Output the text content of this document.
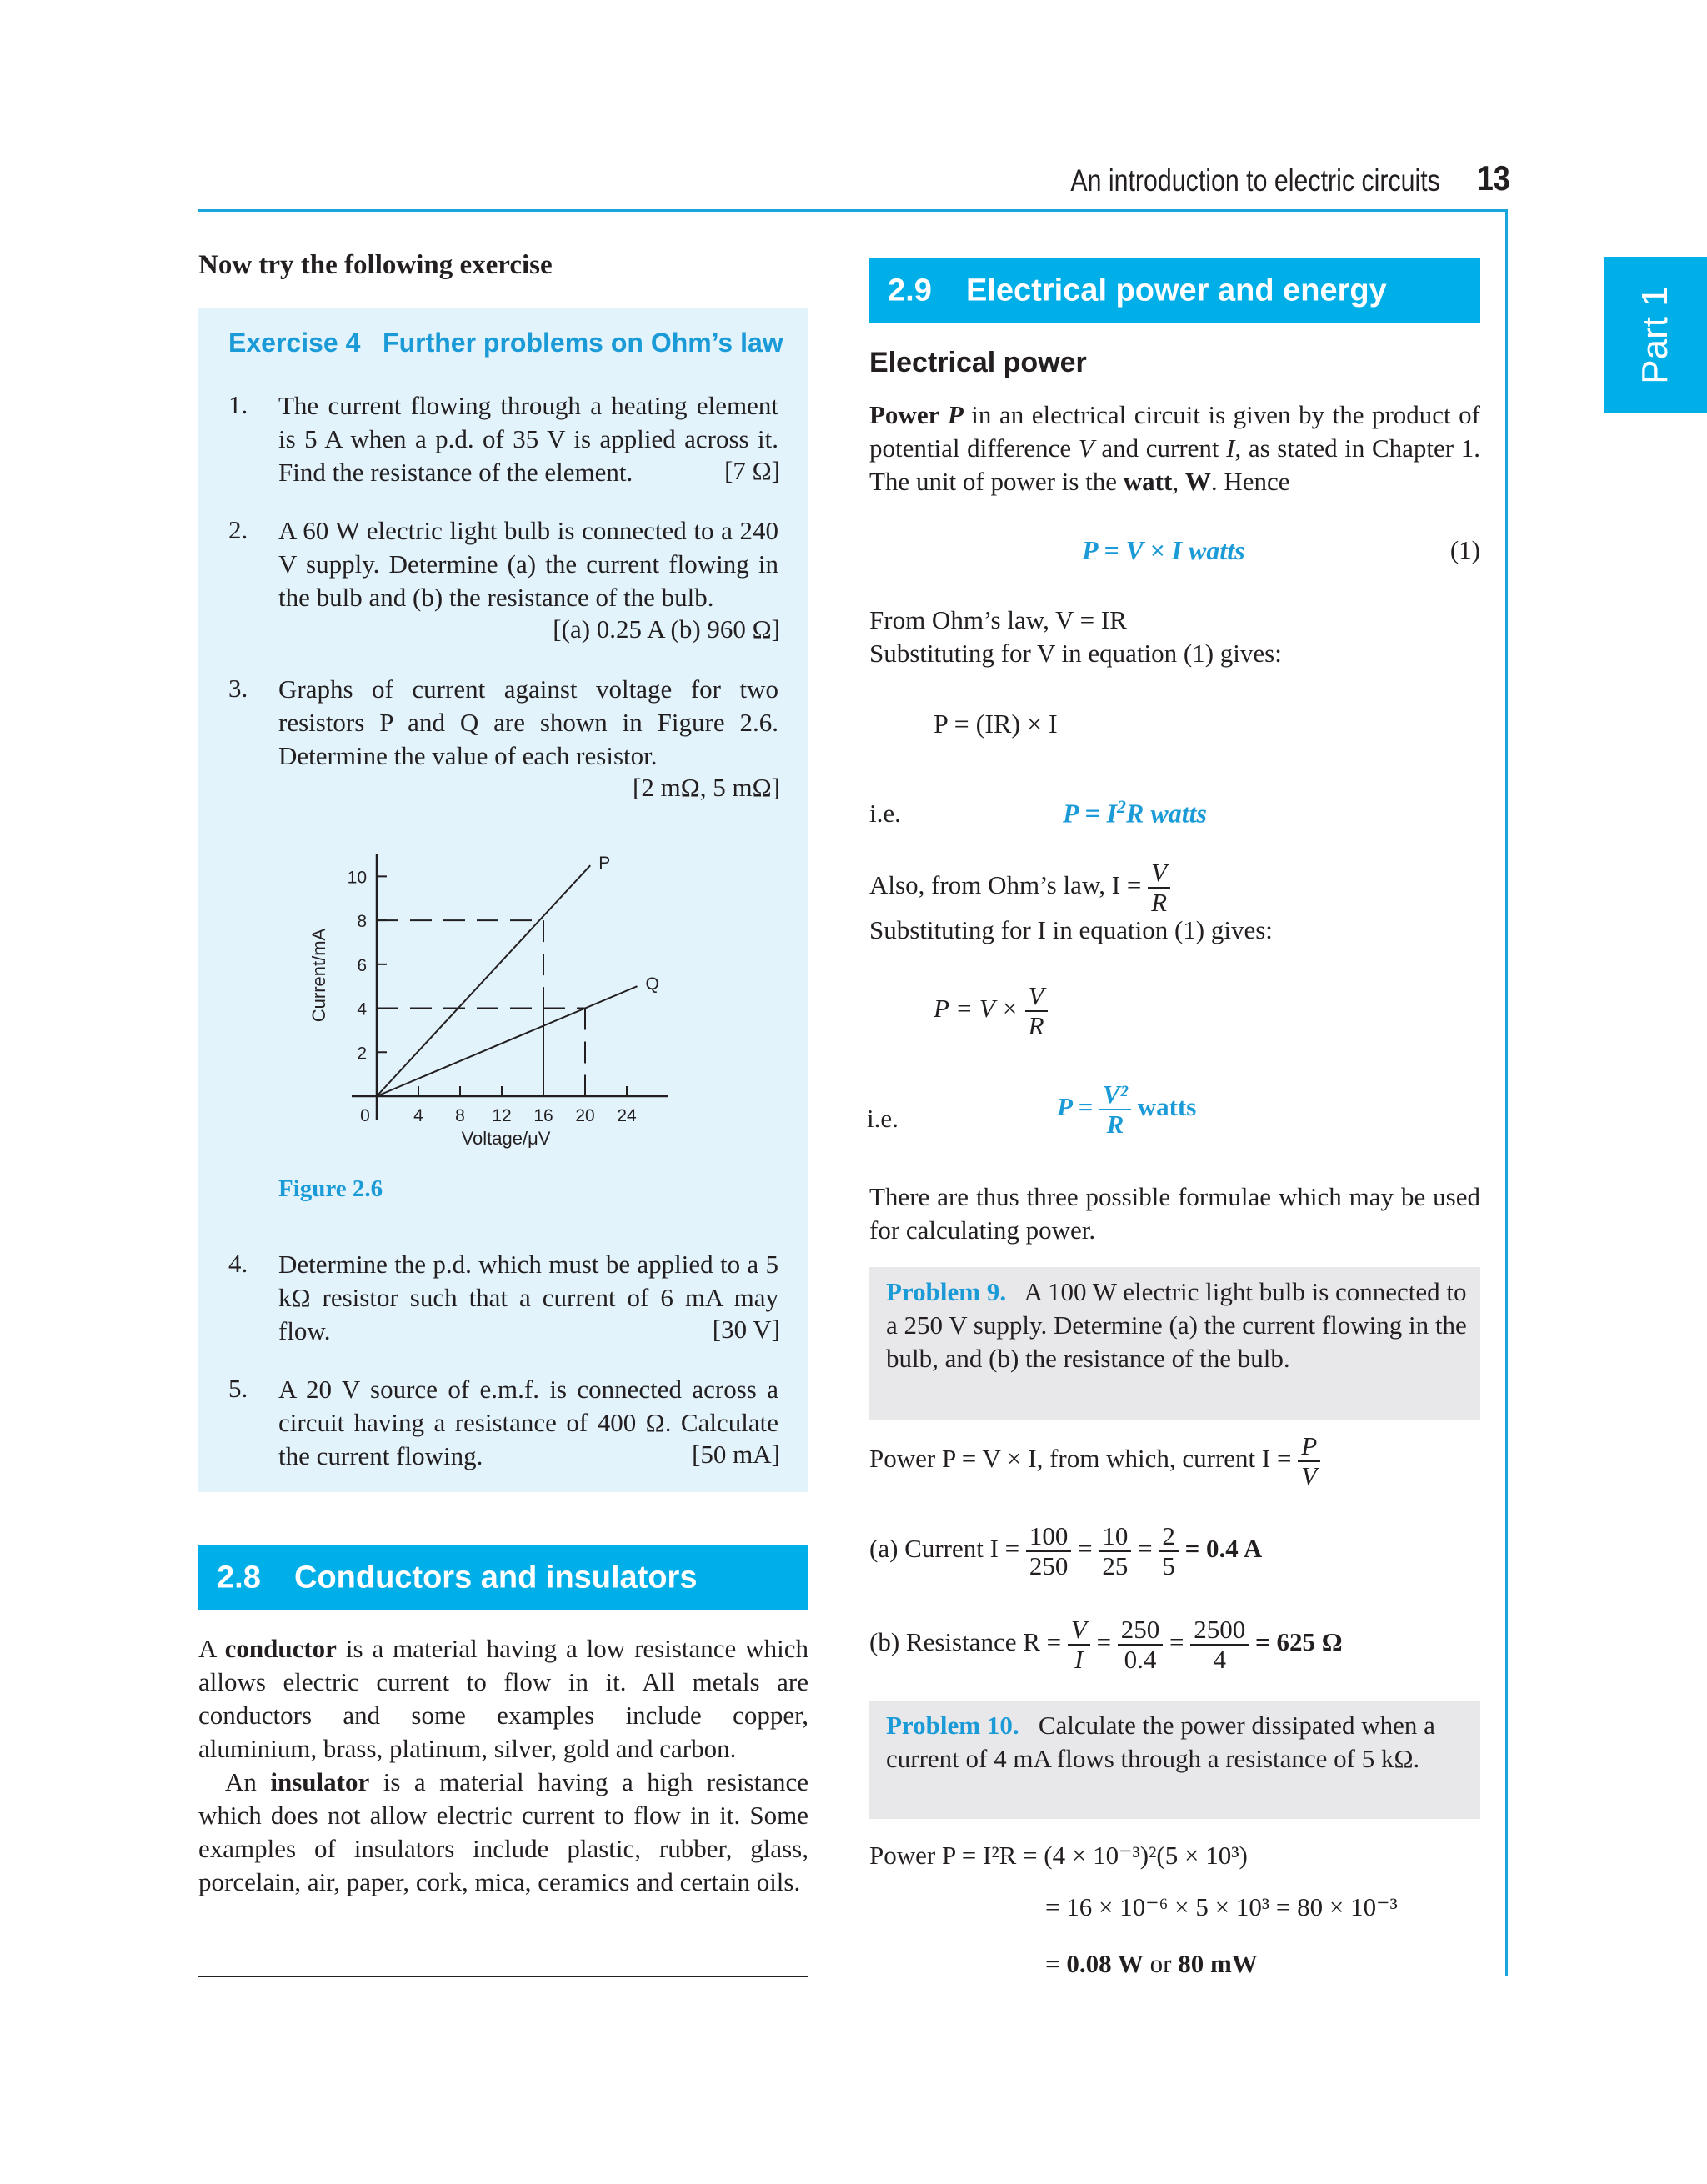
An introduction to electric circuits 13
Part 1
Now try the following exercise
Exercise 4   Further problems on Ohm’s law
1. The current flowing through a heating element is 5 A when a p.d. of 35 V is applied across it. Find the resistance of the element.	[7 Ω]
2. A 60 W electric light bulb is connected to a 240 V supply. Determine (a) the current flowing in the bulb and (b) the resistance of the bulb.
[(a) 0.25 A (b) 960 Ω]
3. Graphs of current against voltage for two resistors P and Q are shown in Figure 2.6. Determine the value of each resistor.
[2 mΩ, 5 mΩ]
2
4
6
8
10
0 4 8 12 16 20 24
P
Q
Voltage/μV
Current/mA
Figure 2.6
4. Determine the p.d. which must be applied to a 5 kΩ resistor such that a current of 6 mA may flow.	[30 V]
5. A 20 V source of e.m.f. is connected across a circuit having a resistance of 400 Ω. Calculate the current flowing.	[50 mA]
2.8 Conductors and insulators
A conductor is a material having a low resistance which allows electric current to flow in it. All metals are conductors and some examples include copper, aluminium, brass, platinum, silver, gold and carbon.
An insulator is a material having a high resistance which does not allow electric current to flow in it. Some examples of insulators include plastic, rubber, glass, porcelain, air, paper, cork, mica, ceramics and certain oils.
2.9 Electrical power and energy
Electrical power
Power P in an electrical circuit is given by the product of potential difference V and current I, as stated in Chapter 1. The unit of power is the watt, W. Hence
P = V × I watts	(1)
From Ohm’s law, V = IR
Substituting for V in equation (1) gives:
P = (IR) × I
i.e.	$P = I^2R$ watts
Also, from Ohm’s law, $I = \frac{V}{R}$
Substituting for I in equation (1) gives:
$P = V \times \frac{V}{R}$
i.e.	$P = \frac{\text{V²}}{R}$ watts
There are thus three possible formulae which may be used for calculating power.
Problem 9. A 100 W electric light bulb is connected to a 250 V supply. Determine (a) the current flowing in the bulb, and (b) the resistance of the bulb.
Power P = V × I, from which, current $I = \frac{P}{V}$
(a) Current $I = \frac{100}{250} = \frac{10}{25} = \frac{2}{5} = 0.4$ A
(b) Resistance $R = \frac{V}{I} = \frac{250}{0.4} = \frac{2500}{4} = 625$ Ω
Problem 10. Calculate the power dissipated when a current of 4 mA flows through a resistance of 5 kΩ.
Power P = I²R = (4 × 10⁻³)²(5 × 10³)
= 16 × 10⁻⁶ × 5 × 10³ = 80 × 10⁻³
= 0.08 W or 80 mW
